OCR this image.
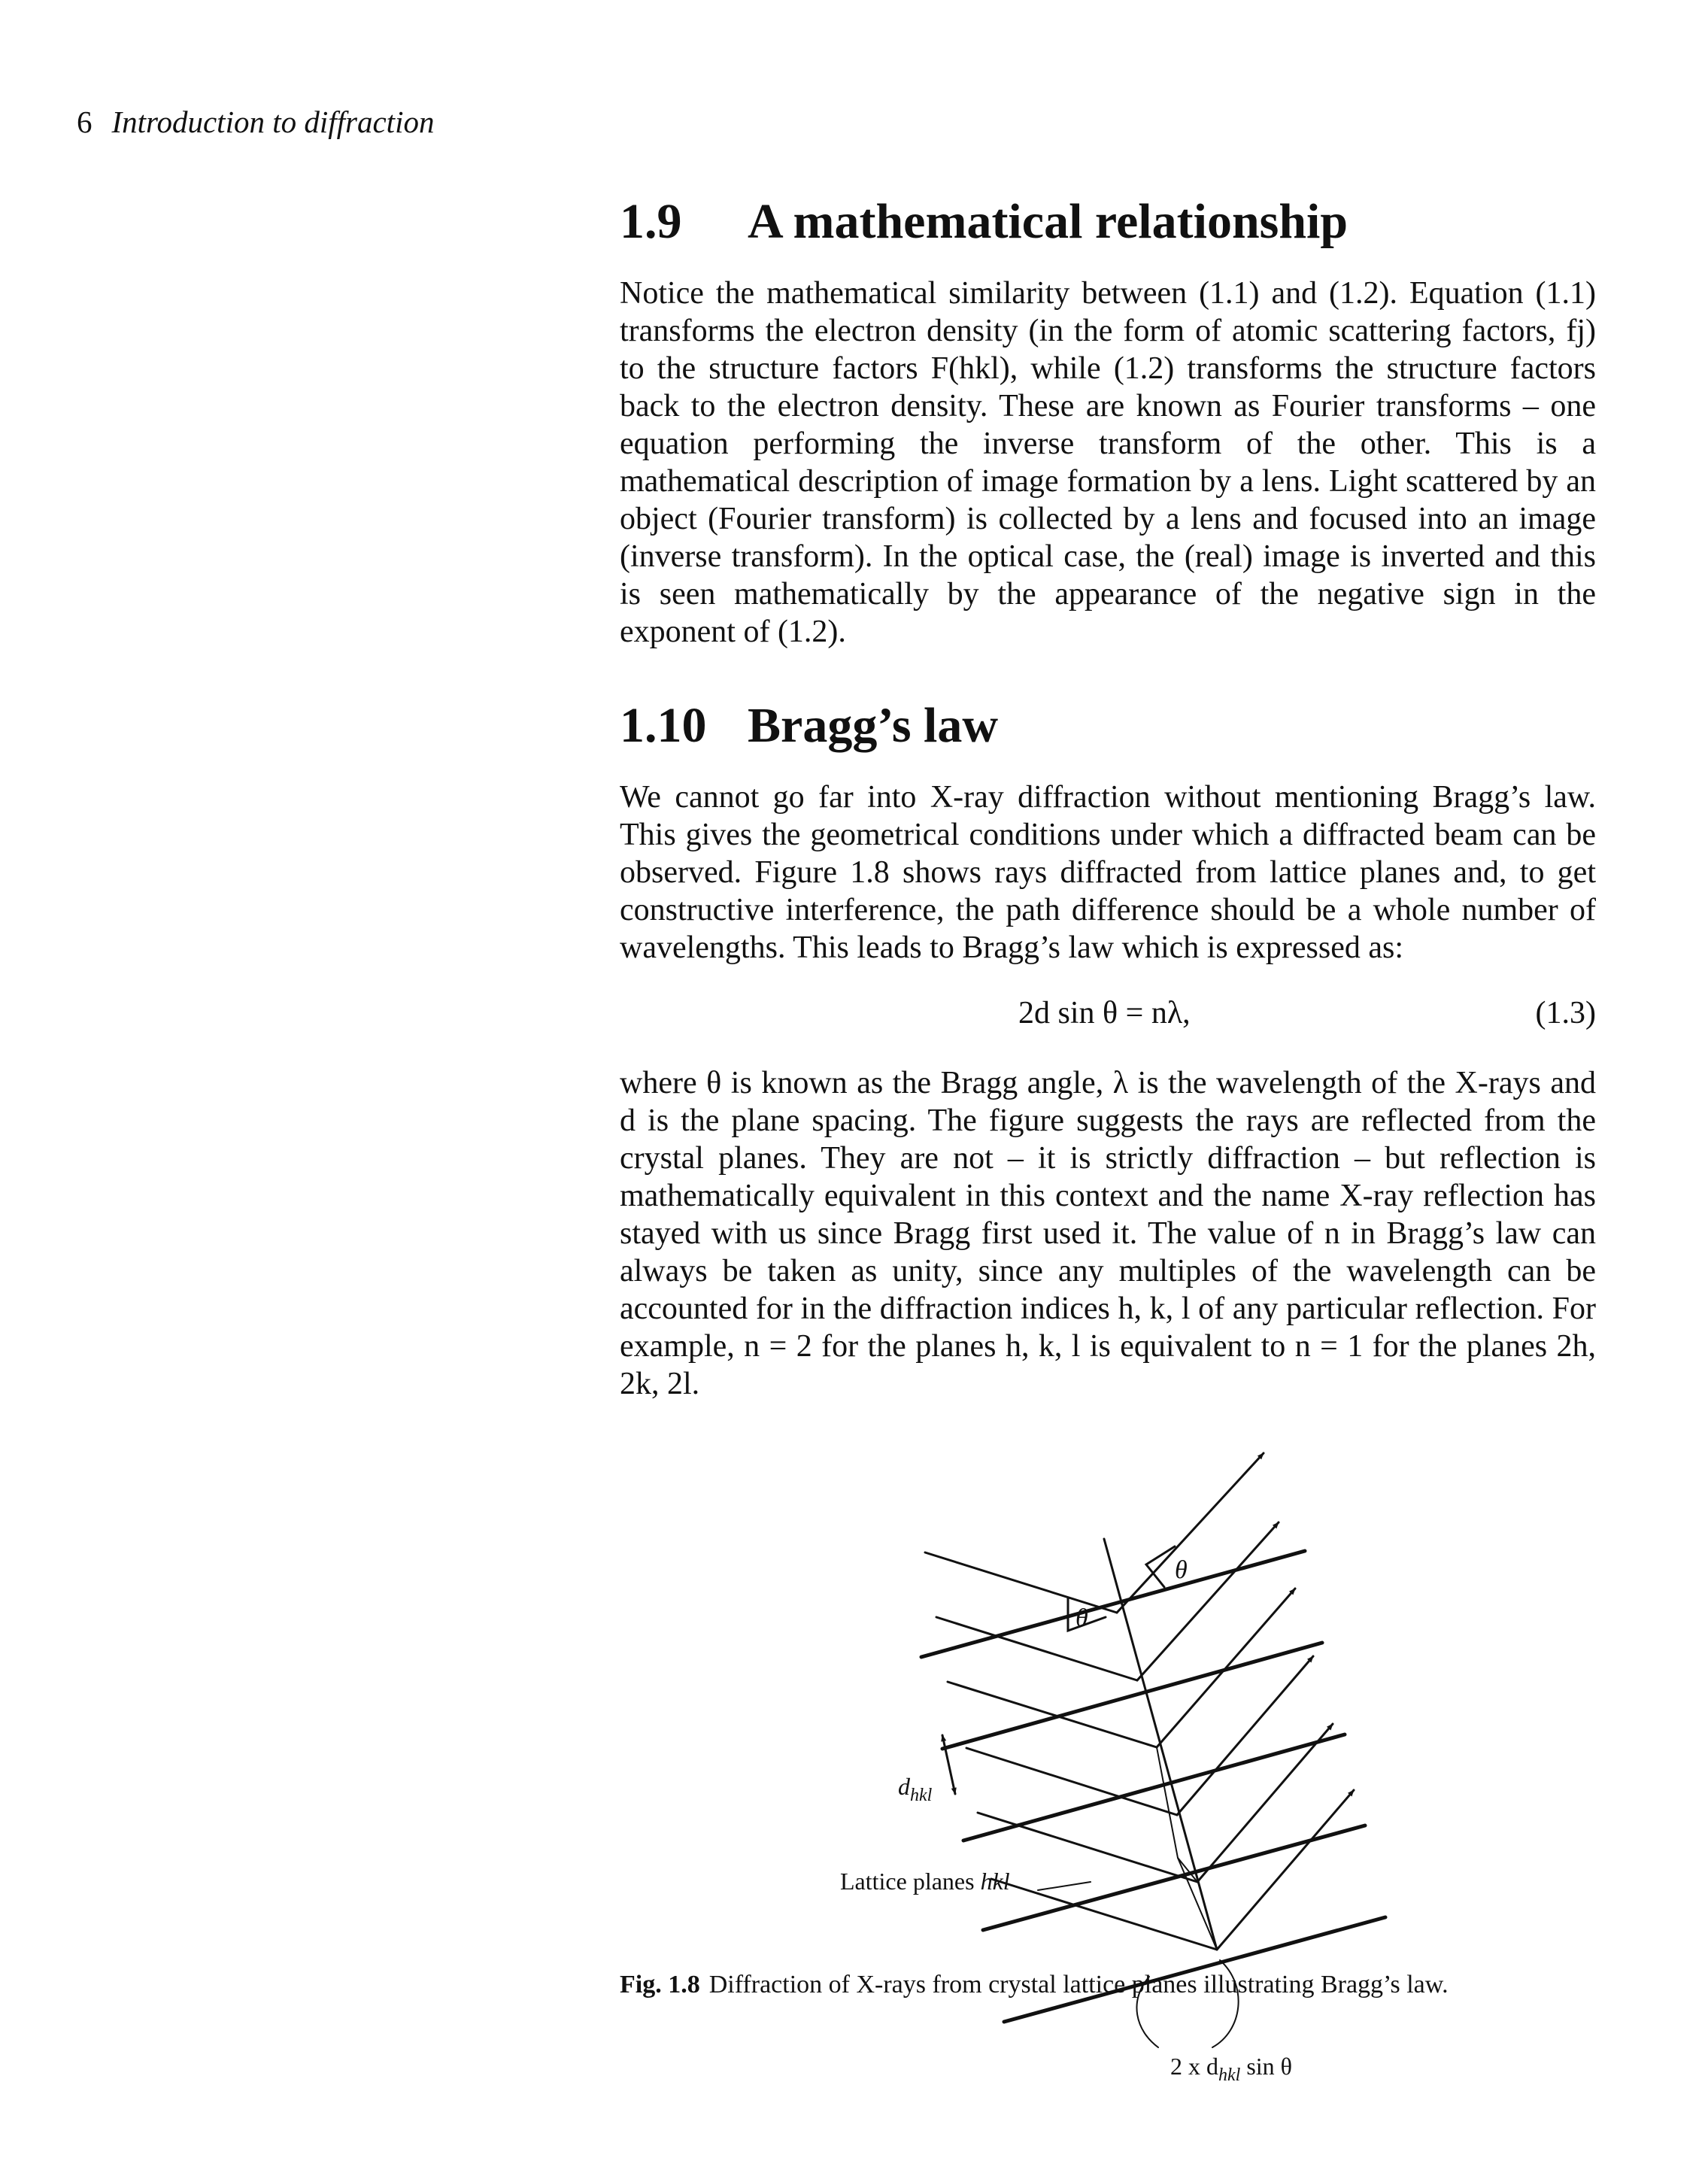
6 Introduction to diffraction
1.9 A mathematical relationship

Notice the mathematical similarity between (1.1) and (1.2). Equation (1.1) transforms the electron density (in the form of atomic scattering factors, fj) to the structure factors F(hkl), while (1.2) transforms the structure factors back to the electron density. These are known as Fourier transforms – one equation performing the inverse transform of the other. This is a mathematical description of image formation by a lens. Light scattered by an object (Fourier transform) is collected by a lens and focused into an image (inverse transform). In the optical case, the (real) image is inverted and this is seen mathematically by the appearance of the negative sign in the exponent of (1.2).

1.10 Bragg’s law

We cannot go far into X-ray diffraction without mentioning Bragg’s law. This gives the geometrical conditions under which a diffracted beam can be observed. Figure 1.8 shows rays diffracted from lattice planes and, to get constructive interference, the path difference should be a whole number of wavelengths. This leads to Bragg’s law which is expressed as:

2d sin θ = nλ,	(1.3)

where θ is known as the Bragg angle, λ is the wavelength of the X-rays and d is the plane spacing. The figure suggests the rays are reflected from the crystal planes. They are not – it is strictly diffraction – but reflection is mathematically equivalent in this context and the name X-ray reflection has stayed with us since Bragg first used it. The value of n in Bragg’s law can always be taken as unity, since any multiples of the wavelength can be accounted for in the diffraction indices h, k, l of any particular reflection. For example, n = 2 for the planes h, k, l is equivalent to n = 1 for the planes 2h, 2k, 2l.

θ
θ
$d_{hkl}$
Lattice planes hkl
2 x $d_{hkl}$ sin θ
Fig. 1.8 Diffraction of X-rays from crystal lattice planes illustrating Bragg’s law.
